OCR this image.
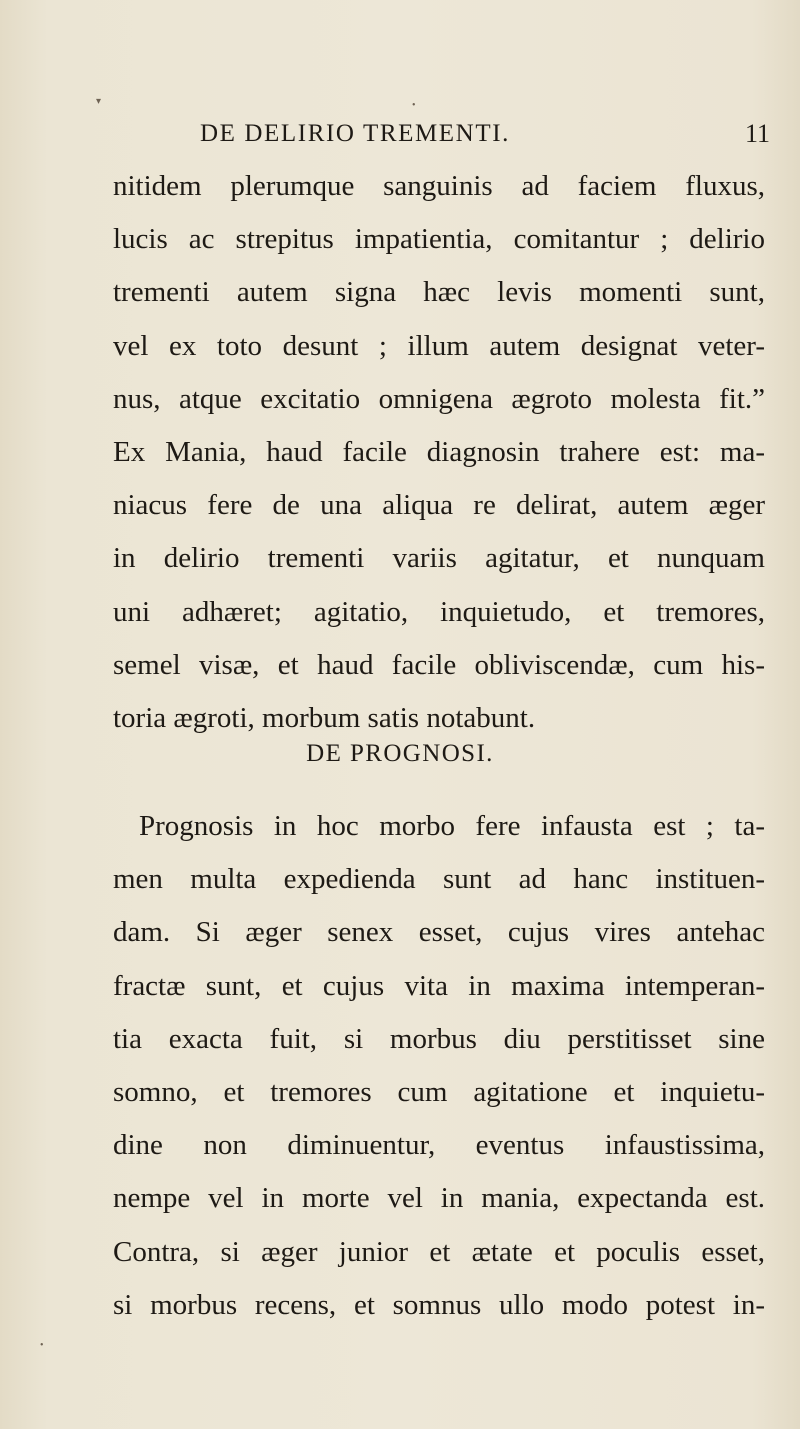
▾	•
DE DELIRIO TREMENTI.	11
nitidem plerumque sanguinis ad faciem fluxus,
lucis ac strepitus impatientia, comitantur ; delirio
trementi autem signa hæc levis momenti sunt,
vel ex toto desunt ; illum autem designat veter-
nus, atque excitatio omnigena ægroto molesta fit.”
Ex Mania, haud facile diagnosin trahere est: ma-
niacus fere de una aliqua re delirat, autem æger
in delirio trementi variis agitatur, et nunquam
uni adhæret; agitatio, inquietudo, et tremores,
semel visæ, et haud facile obliviscendæ, cum his-
toria ægroti, morbum satis notabunt.
DE PROGNOSI.
Prognosis in hoc morbo fere infausta est ; ta-
men multa expedienda sunt ad hanc instituen-
dam. Si æger senex esset, cujus vires antehac
fractæ sunt, et cujus vita in maxima intemperan-
tia exacta fuit, si morbus diu perstitisset sine
somno, et tremores cum agitatione et inquietu-
dine non diminuentur, eventus infaustissima,
nempe vel in morte vel in mania, expectanda est.
Contra, si æger junior et ætate et poculis esset,
si morbus recens, et somnus ullo modo potest in-
•
